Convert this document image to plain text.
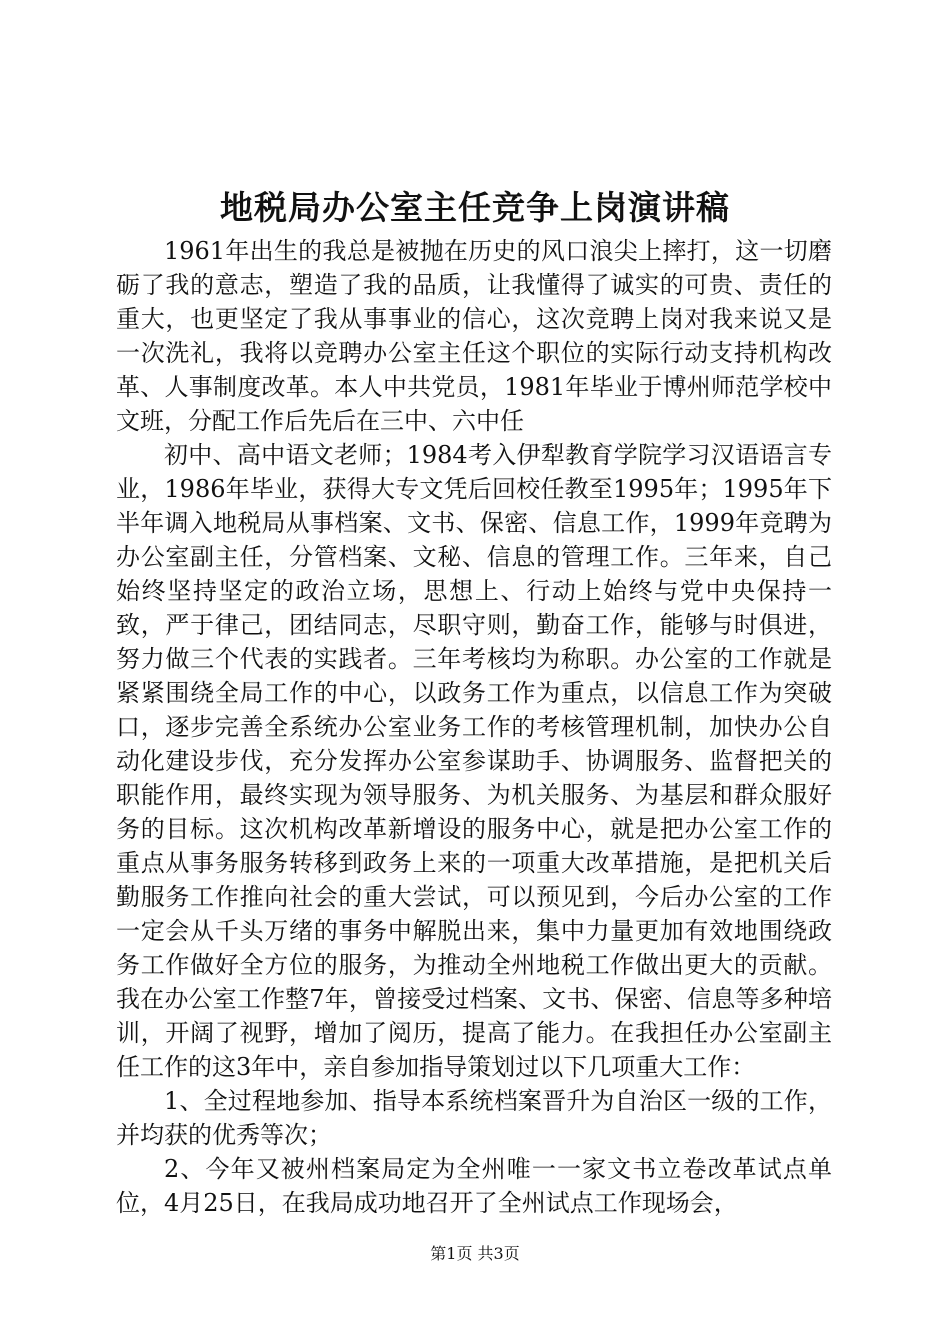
地税局办公室主任竞争上岗演讲稿

1961年出生的我总是被抛在历史的风口浪尖上摔打，这一切磨砺了我的意志，塑造了我的品质，让我懂得了诚实的可贵、责任的重大，也更坚定了我从事事业的信心，这次竞聘上岗对我来说又是一次洗礼，我将以竞聘办公室主任这个职位的实际行动支持机构改革、人事制度改革。本人中共党员，1981年毕业于博州师范学校中文班，分配工作后先后在三中、六中任

初中、高中语文老师；1984考入伊犁教育学院学习汉语语言专业，1986年毕业，获得大专文凭后回校任教至1995年；1995年下半年调入地税局从事档案、文书、保密、信息工作，1999年竞聘为办公室副主任，分管档案、文秘、信息的管理工作。三年来，自己始终坚持坚定的政治立场，思想上、行动上始终与党中央保持一致，严于律己，团结同志，尽职守则，勤奋工作，能够与时俱进，努力做三个代表的实践者。三年考核均为称职。办公室的工作就是紧紧围绕全局工作的中心，以政务工作为重点，以信息工作为突破口，逐步完善全系统办公室业务工作的考核管理机制，加快办公自动化建设步伐，充分发挥办公室参谋助手、协调服务、监督把关的职能作用，最终实现为领导服务、为机关服务、为基层和群众服好务的目标。这次机构改革新增设的服务中心，就是把办公室工作的重点从事务服务转移到政务上来的一项重大改革措施，是把机关后勤服务工作推向社会的重大尝试，可以预见到，今后办公室的工作一定会从千头万绪的事务中解脱出来，集中力量更加有效地围绕政务工作做好全方位的服务，为推动全州地税工作做出更大的贡献。我在办公室工作整7年，曾接受过档案、文书、保密、信息等多种培训，开阔了视野，增加了阅历，提高了能力。在我担任办公室副主任工作的这3年中，亲自参加指导策划过以下几项重大工作：

1、全过程地参加、指导本系统档案晋升为自治区一级的工作，并均获的优秀等次；

2、今年又被州档案局定为全州唯一一家文书立卷改革试点单位，4月25日，在我局成功地召开了全州试点工作现场会，

第1页 共3页
